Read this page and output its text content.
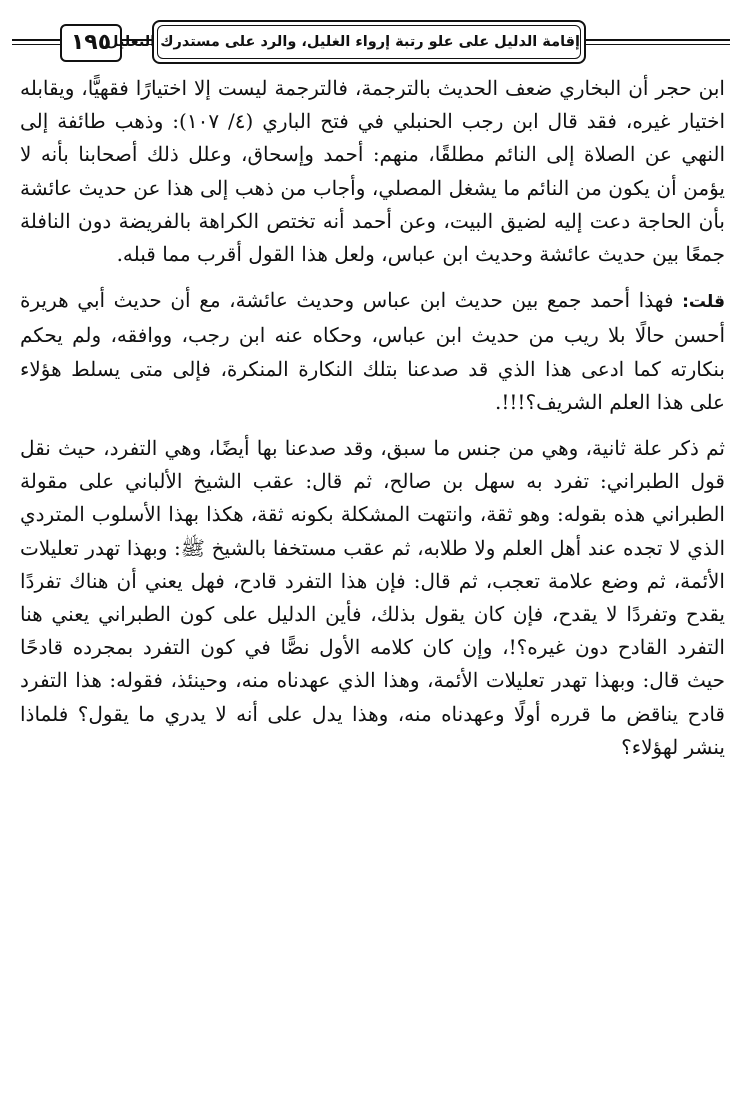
١٩٥
إقامة الدليل على علو رتبة إرواء الغليل، والرد على مستدرك التعليل

ابن حجر أن البخاري ضعف الحديث بالترجمة، فالترجمة ليست إلا اختيارًا فقهيًّا، ويقابله اختيار غيره، فقد قال ابن رجب الحنبلي في فتح الباري (٤/ ١٠٧): وذهب طائفة إلى النهي عن الصلاة إلى النائم مطلقًا، منهم: أحمد وإسحاق، وعلل ذلك أصحابنا بأنه لا يؤمن أن يكون من النائم ما يشغل المصلي، وأجاب من ذهب إلى هذا عن حديث عائشة بأن الحاجة دعت إليه لضيق البيت، وعن أحمد أنه تختص الكراهة بالفريضة دون النافلة جمعًا بين حديث عائشة وحديث ابن عباس، ولعل هذا القول أقرب مما قبله.

قلت: فهذا أحمد جمع بين حديث ابن عباس وحديث عائشة، مع أن حديث أبي هريرة أحسن حالًا بلا ريب من حديث ابن عباس، وحكاه عنه ابن رجب، ووافقه، ولم يحكم بنكارته كما ادعى هذا الذي قد صدعنا بتلك النكارة المنكرة، فإلى متى يسلط هؤلاء على هذا العلم الشريف؟!!!.

ثم ذكر علة ثانية، وهي من جنس ما سبق، وقد صدعنا بها أيضًا، وهي التفرد، حيث نقل قول الطبراني: تفرد به سهل بن صالح، ثم قال: عقب الشيخ الألباني على مقولة الطبراني هذه بقوله: وهو ثقة، وانتهت المشكلة بكونه ثقة، هكذا بهذا الأسلوب المتردي الذي لا تجده عند أهل العلم ولا طلابه، ثم عقب مستخفا بالشيخ ﷺ: وبهذا تهدر تعليلات الأئمة، ثم وضع علامة تعجب، ثم قال: فإن هذا التفرد قادح، فهل يعني أن هناك تفردًا يقدح وتفردًا لا يقدح، فإن كان يقول بذلك، فأين الدليل على كون الطبراني يعني هنا التفرد القادح دون غيره؟!، وإن كان كلامه الأول نصًّا في كون التفرد بمجرده قادحًا حيث قال: وبهذا تهدر تعليلات الأئمة، وهذا الذي عهدناه منه، وحينئذ، فقوله: هذا التفرد قادح يناقض ما قرره أولًا وعهدناه منه، وهذا يدل على أنه لا يدري ما يقول؟ فلماذا ينشر لهؤلاء؟
